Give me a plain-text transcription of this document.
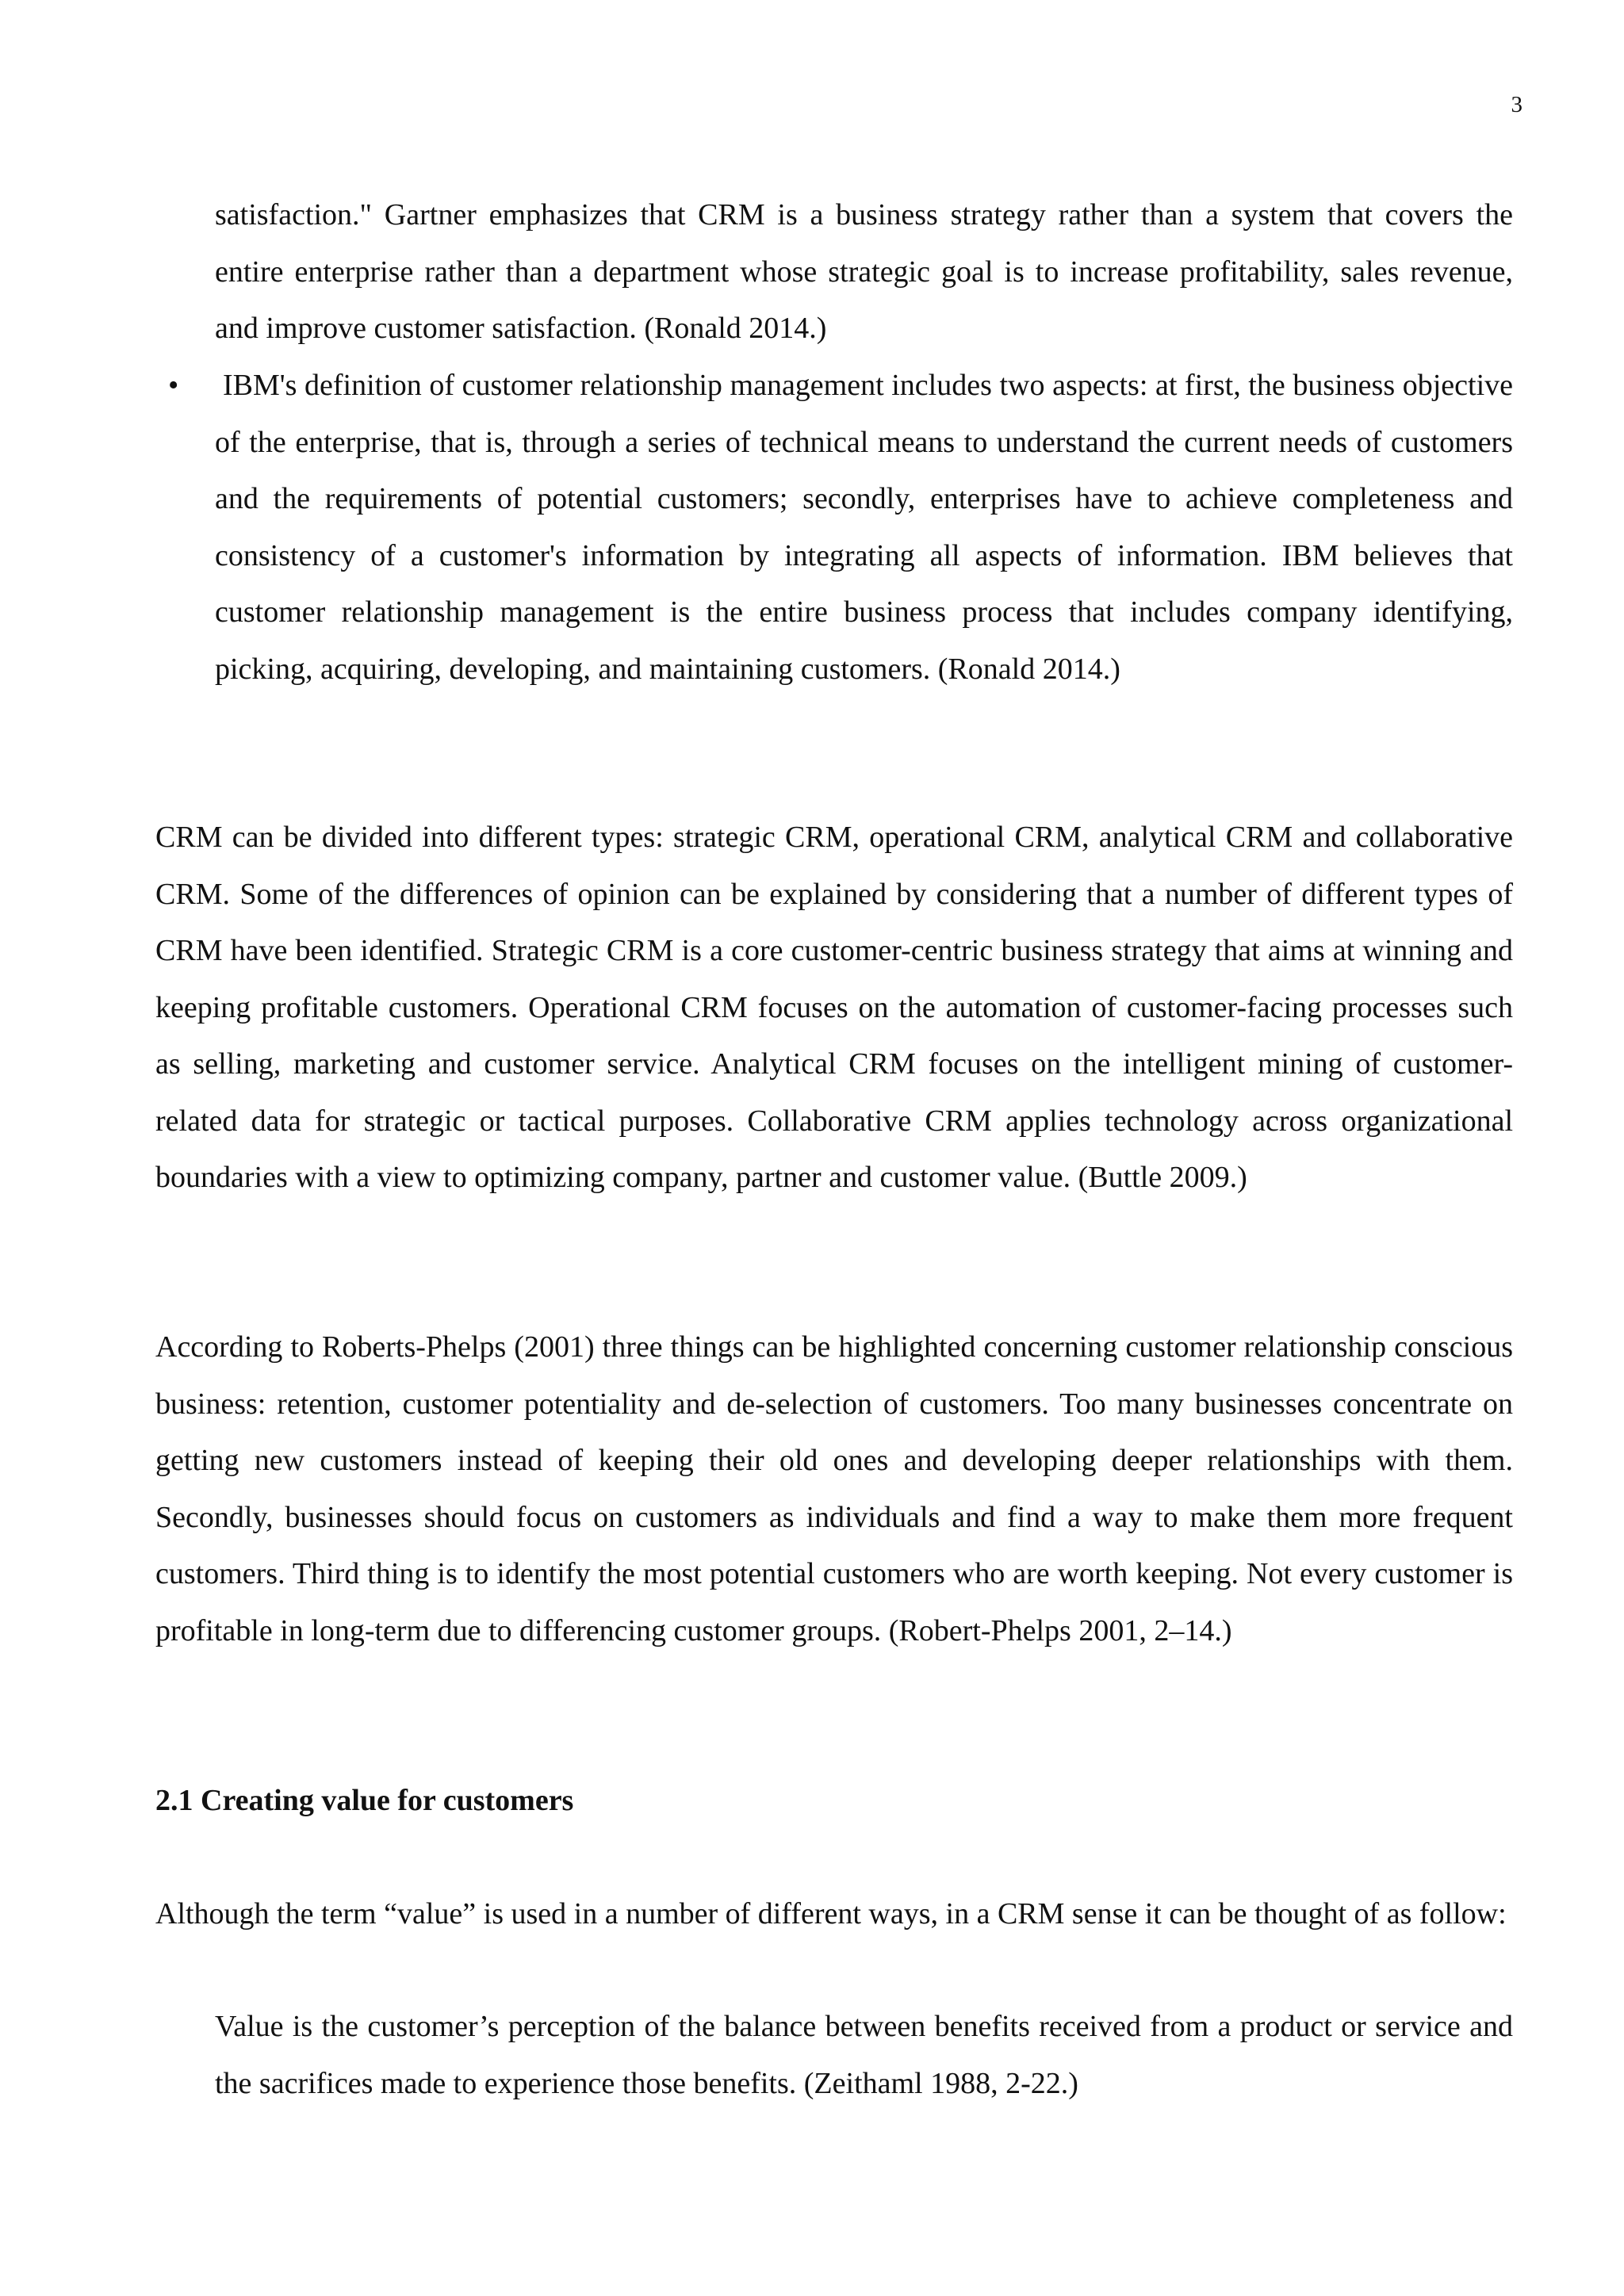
3

satisfaction." Gartner emphasizes that CRM is a business strategy rather than a system that covers the entire enterprise rather than a department whose strategic goal is to increase profitability, sales revenue, and improve customer satisfaction. (Ronald 2014.)

• IBM's definition of customer relationship management includes two aspects: at first, the business objective of the enterprise, that is, through a series of technical means to understand the current needs of customers and the requirements of potential customers; secondly, enterprises have to achieve completeness and consistency of a customer's information by integrating all aspects of information. IBM believes that customer relationship management is the entire business process that includes company identifying, picking, acquiring, developing, and maintaining customers. (Ronald 2014.)

CRM can be divided into different types: strategic CRM, operational CRM, analytical CRM and collaborative CRM. Some of the differences of opinion can be explained by considering that a number of different types of CRM have been identified. Strategic CRM is a core customer-centric business strategy that aims at winning and keeping profitable customers. Operational CRM focuses on the automation of customer-facing processes such as selling, marketing and customer service. Analytical CRM focuses on the intelligent mining of customer-related data for strategic or tactical purposes. Collaborative CRM applies technology across organizational boundaries with a view to optimizing company, partner and customer value. (Buttle 2009.)

According to Roberts-Phelps (2001) three things can be highlighted concerning customer relationship conscious business: retention, customer potentiality and de-selection of customers. Too many businesses concentrate on getting new customers instead of keeping their old ones and developing deeper relationships with them. Secondly, businesses should focus on customers as individuals and find a way to make them more frequent customers. Third thing is to identify the most potential customers who are worth keeping. Not every customer is profitable in long-term due to differencing customer groups. (Robert-Phelps 2001, 2–14.)

2.1 Creating value for customers

Although the term “value” is used in a number of different ways, in a CRM sense it can be thought of as follow:

Value is the customer’s perception of the balance between benefits received from a product or service and the sacrifices made to experience those benefits. (Zeithaml 1988, 2-22.)
